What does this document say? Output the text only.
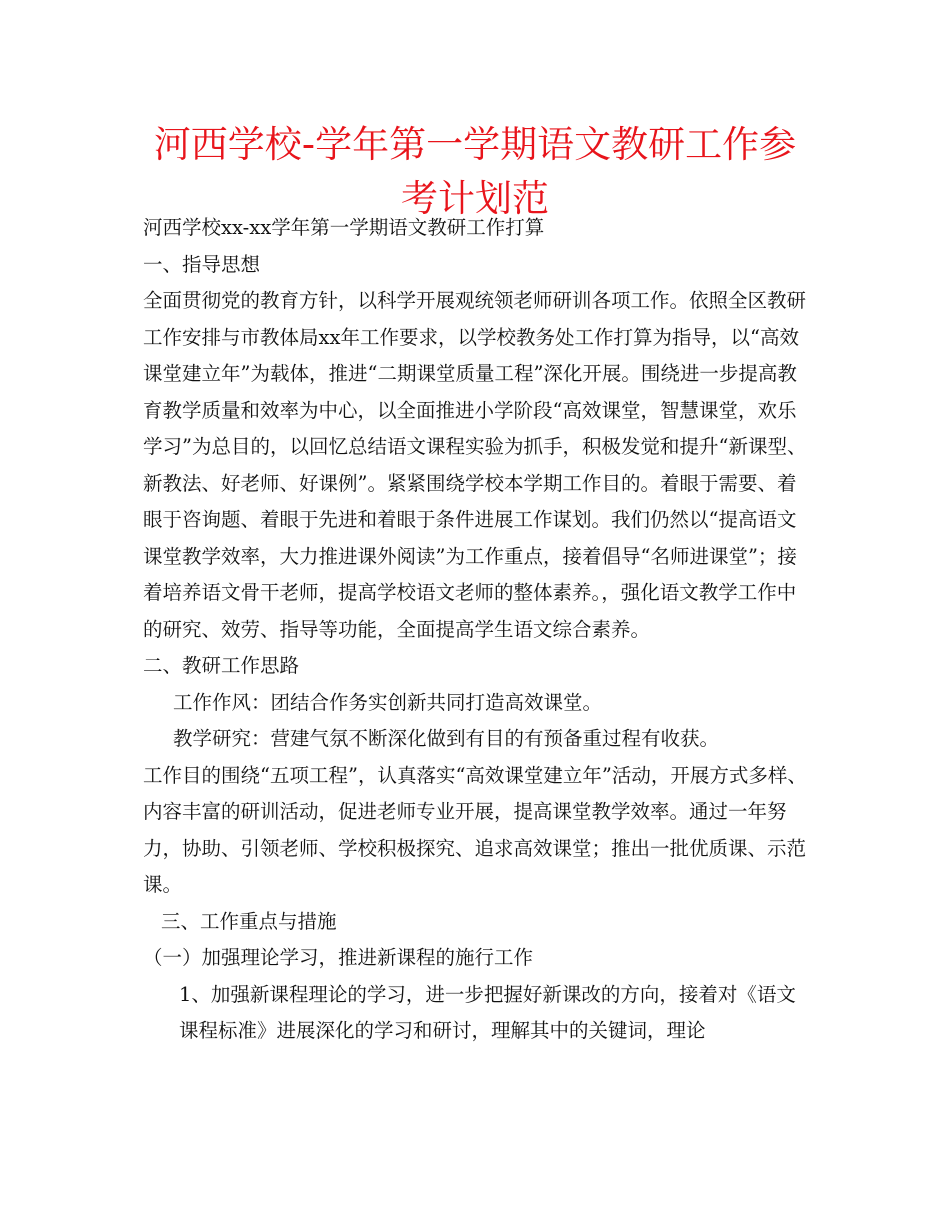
河西学校-学年第一学期语文教研工作参考计划范

河西学校xx-xx学年第一学期语文教研工作打算

一、指导思想

全面贯彻党的教育方针，以科学开展观统领老师研训各项工作。依照全区教研工作安排与市教体局xx年工作要求，以学校教务处工作打算为指导，以“高效课堂建立年”为载体，推进“二期课堂质量工程”深化开展。围绕进一步提高教育教学质量和效率为中心，以全面推进小学阶段“高效课堂，智慧课堂，欢乐学习”为总目的，以回忆总结语文课程实验为抓手，积极发觉和提升“新课型、新教法、好老师、好课例”。紧紧围绕学校本学期工作目的。着眼于需要、着眼于咨询题、着眼于先进和着眼于条件进展工作谋划。我们仍然以“提高语文课堂教学效率，大力推进课外阅读”为工作重点，接着倡导“名师进课堂”；接着培养语文骨干老师，提高学校语文老师的整体素养。，强化语文教学工作中的研究、效劳、指导等功能，全面提高学生语文综合素养。

二、教研工作思路

工作作风：团结合作务实创新共同打造高效课堂。

教学研究：营建气氛不断深化做到有目的有预备重过程有收获。

工作目的围绕“五项工程”，认真落实“高效课堂建立年”活动，开展方式多样、内容丰富的研训活动，促进老师专业开展，提高课堂教学效率。通过一年努力，协助、引领老师、学校积极探究、追求高效课堂；推出一批优质课、示范课。

三、工作重点与措施

（一）加强理论学习，推进新课程的施行工作

1、加强新课程理论的学习，进一步把握好新课改的方向，接着对《语文课程标准》进展深化的学习和研讨，理解其中的关键词，理论
